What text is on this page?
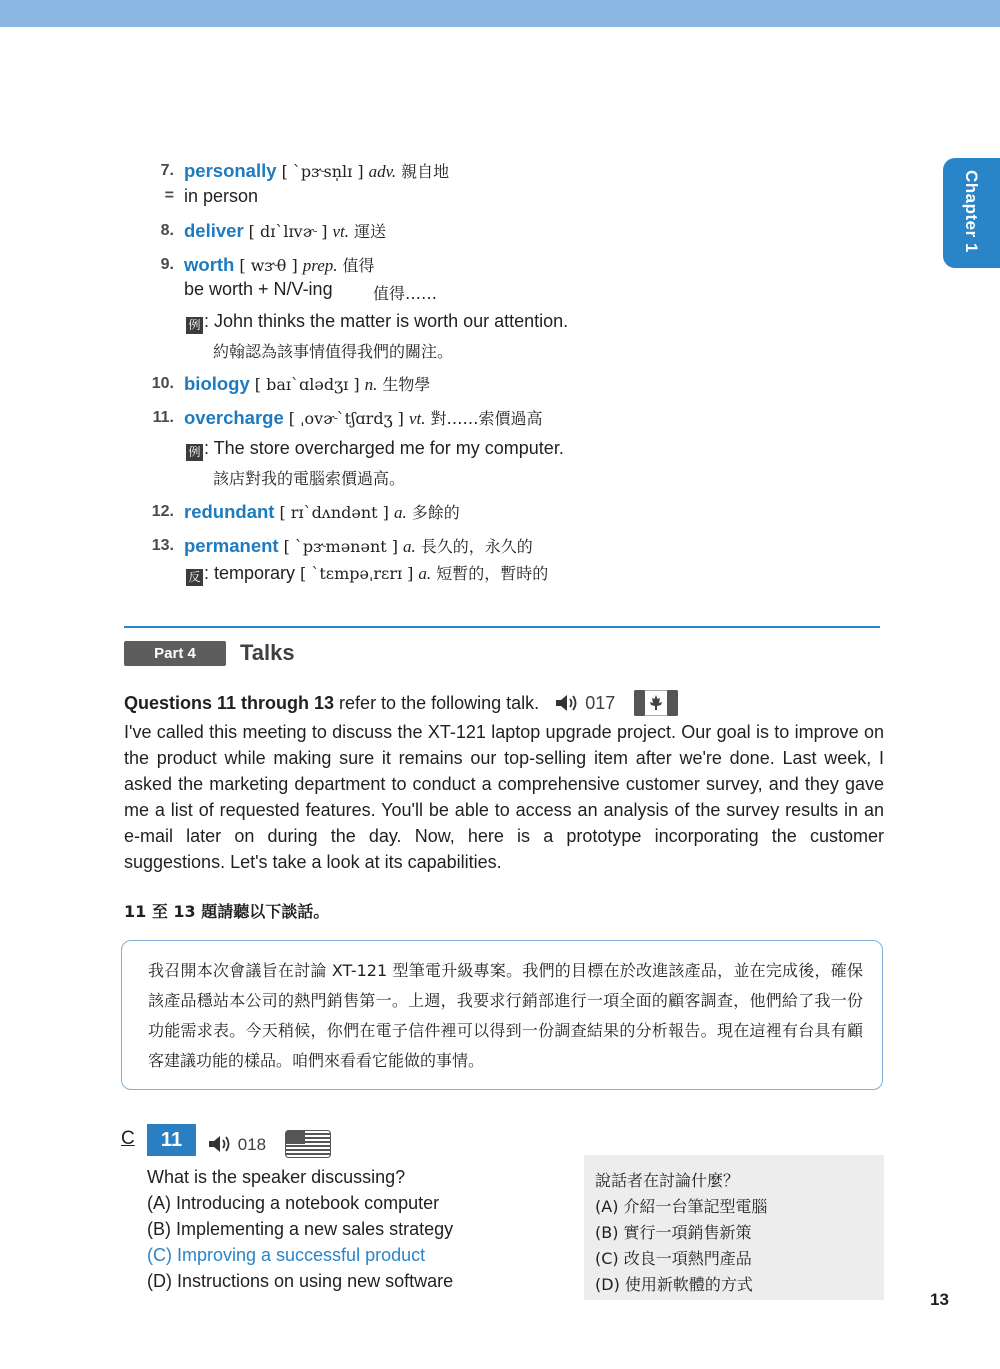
Chapter 1
7. personally [ ˋpɝsn̩lɪ ] adv. 親自地
= in person
8. deliver [ dɪˋlɪvɚ ] vt. 運送
9. worth [ wɝθ ] prep. 值得
be worth + N/V-ing	值得……
例 : John thinks the matter is worth our attention.
約翰認為該事情值得我們的關注。
10. biology [ baɪˋɑlədʒɪ ] n. 生物學
11. overcharge [ ˌovɚˋtʃɑrdʒ ] vt. 對……索價過高
例 : The store overcharged me for my computer.
該店對我的電腦索價過高。
12. redundant [ rɪˋdʌndənt ] a. 多餘的
13. permanent [ ˋpɝmənənt ] a. 長久的，永久的
反 : temporary [ ˋtɛmpəˌrɛrɪ ] a. 短暫的，暫時的
Part 4	Talks
Questions 11 through 13 refer to the following talk.	017
I've called this meeting to discuss the XT-121 laptop upgrade project. Our goal is to improve on the product while making sure it remains our top-selling item after we're done. Last week, I asked the marketing department to conduct a comprehensive customer survey, and they gave me a list of requested features. You'll be able to access an analysis of the survey results in an e-mail later on during the day. Now, here is a prototype incorporating the customer suggestions. Let's take a look at its capabilities.
11 至 13 題請聽以下談話。

我召開本次會議旨在討論 XT-121 型筆電升級專案。我們的目標在於改進該產品，並在完成後，確保該產品穩站本公司的熱門銷售第一。上週，我要求行銷部進行一項全面的顧客調查，他們給了我一份功能需求表。今天稍候，你們在電子信件裡可以得到一份調查結果的分析報告。現在這裡有台具有顧客建議功能的樣品。咱們來看看它能做的事情。

C	11	018
What is the speaker discussing?
(A) Introducing a notebook computer
(B) Implementing a new sales strategy
(C) Improving a successful product
(D) Instructions on using new software
說話者在討論什麼？
(A) 介紹一台筆記型電腦
(B) 實行一項銷售新策
(C) 改良一項熱門產品
(D) 使用新軟體的方式
13
